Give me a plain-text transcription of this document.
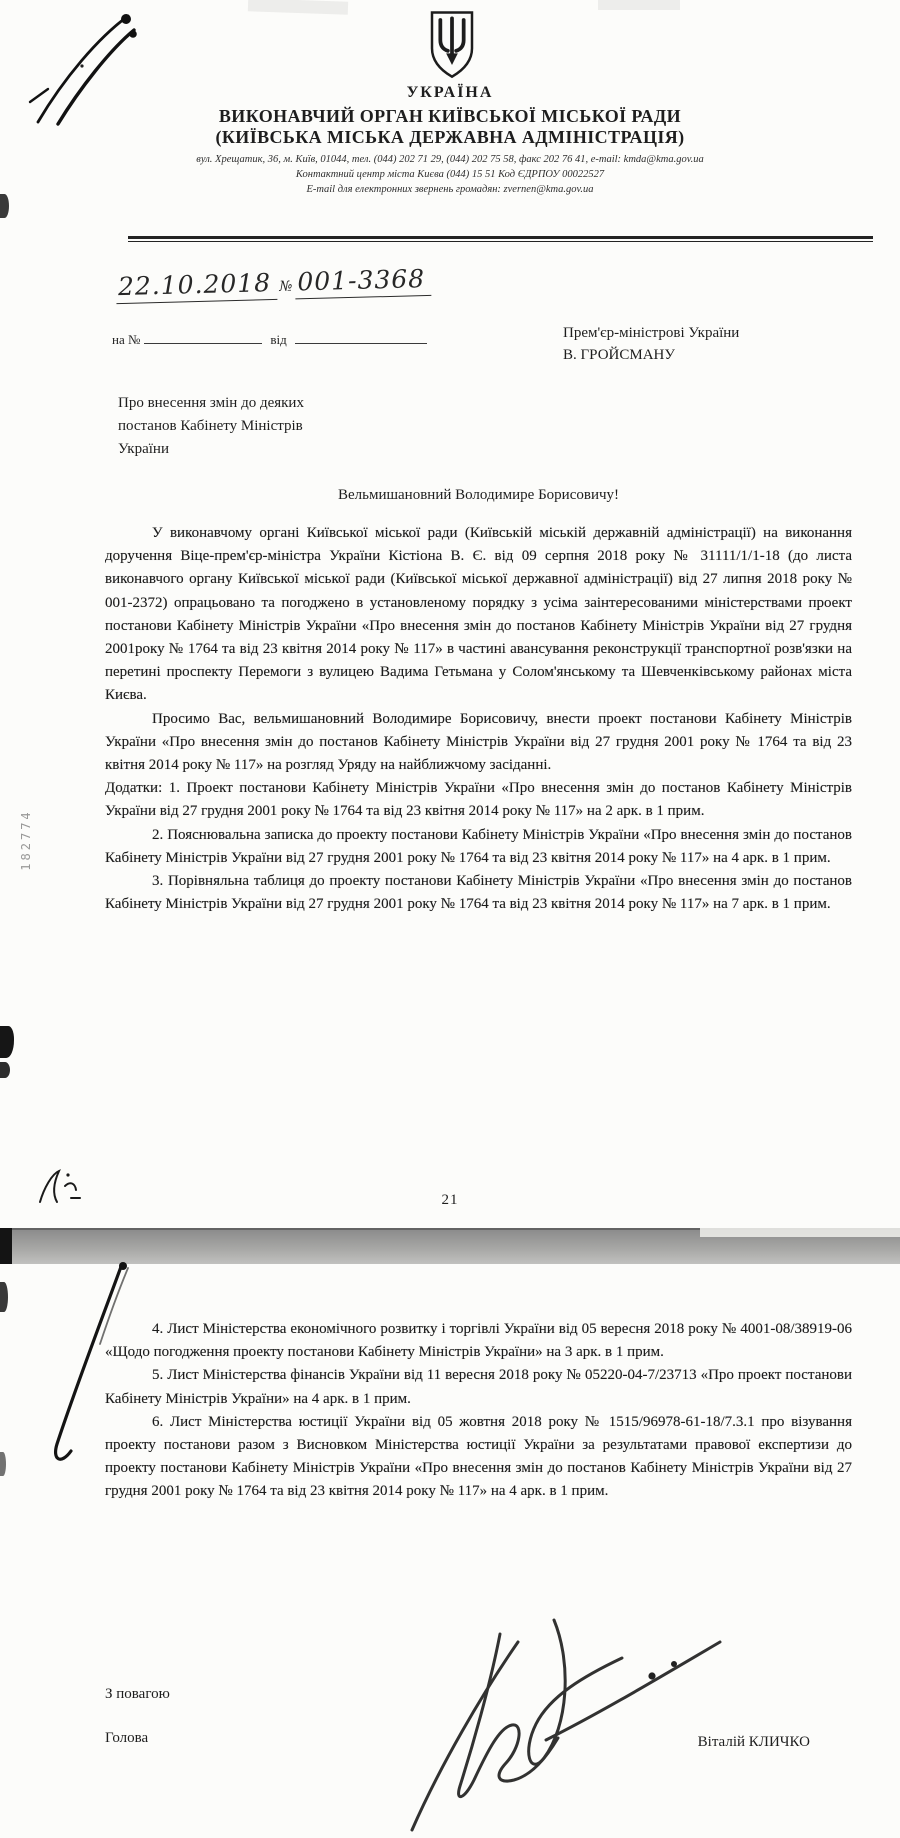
УКРАЇНА
ВИКОНАВЧИЙ ОРГАН КИЇВСЬКОЇ МІСЬКОЇ РАДИ
(КИЇВСЬКА МІСЬКА ДЕРЖАВНА АДМІНІСТРАЦІЯ)
вул. Хрещатик, 36, м. Київ, 01044, тел. (044) 202 71 29, (044) 202 75 58, факс 202 76 41, e-mail: kmda@kma.gov.ua
Контактний центр міста Києва (044) 15 51 Код ЄДРПОУ 00022527
E-mail для електронних звернень громадян: zvernen@kma.gov.ua
22.10.2018 № 001-3368
на №	від	Прем'єр-міністрові України
В. ГРОЙСМАНУ
Про внесення змін до деяких
постанов Кабінету Міністрів
України
Вельмишановний Володимире Борисовичу!

У виконавчому органі Київської міської ради (Київській міській державній адміністрації) на виконання доручення Віце-прем'єр-міністра України Кістіона В. Є. від 09 серпня 2018 року № 31111/1/1-18 (до листа виконавчого органу Київської міської ради (Київської міської державної адміністрації) від 27 липня 2018 року № 001-2372) опрацьовано та погоджено в установленому порядку з усіма заінтересованими міністерствами проект постанови Кабінету Міністрів України «Про внесення змін до постанов Кабінету Міністрів України від 27 грудня 2001року № 1764 та від 23 квітня 2014 року № 117» в частині авансування реконструкції транспортної розв'язки на перетині проспекту Перемоги з вулицею Вадима Гетьмана у Солом'янському та Шевченківському районах міста Києва.

Просимо Вас, вельмишановний Володимире Борисовичу, внести проект постанови Кабінету Міністрів України «Про внесення змін до постанов Кабінету Міністрів України від 27 грудня 2001 року № 1764 та від 23 квітня 2014 року № 117» на розгляд Уряду на найближчому засіданні.

Додатки: 1. Проект постанови Кабінету Міністрів України «Про внесення змін до постанов Кабінету Міністрів України від 27 грудня 2001 року № 1764 та від 23 квітня 2014 року № 117» на 2 арк. в 1 прим.

2. Пояснювальна записка до проекту постанови Кабінету Міністрів України «Про внесення змін до постанов Кабінету Міністрів України від 27 грудня 2001 року № 1764 та від 23 квітня 2014 року № 117» на 4 арк. в 1 прим.

3. Порівняльна таблиця до проекту постанови Кабінету Міністрів України «Про внесення змін до постанов Кабінету Міністрів України від 27 грудня 2001 року № 1764 та від 23 квітня 2014 року № 117» на 7 арк. в 1 прим.

182774
21

4. Лист Міністерства економічного розвитку і торгівлі України від 05 вересня 2018 року № 4001-08/38919-06 «Щодо погодження проекту постанови Кабінету Міністрів України» на 3 арк. в 1 прим.

5. Лист Міністерства фінансів України від 11 вересня 2018 року № 05220-04-7/23713 «Про проект постанови Кабінету Міністрів України» на 4 арк. в 1 прим.

6. Лист Міністерства юстиції України від 05 жовтня 2018 року № 1515/96978-61-18/7.3.1 про візування проекту постанови разом з Висновком Міністерства юстиції України за результатами правової експертизи до проекту постанови Кабінету Міністрів України «Про внесення змін до постанов Кабінету Міністрів України від 27 грудня 2001 року № 1764 та від 23 квітня 2014 року № 117» на 4 арк. в 1 прим.

З повагою
Голова	Віталій КЛИЧКО
